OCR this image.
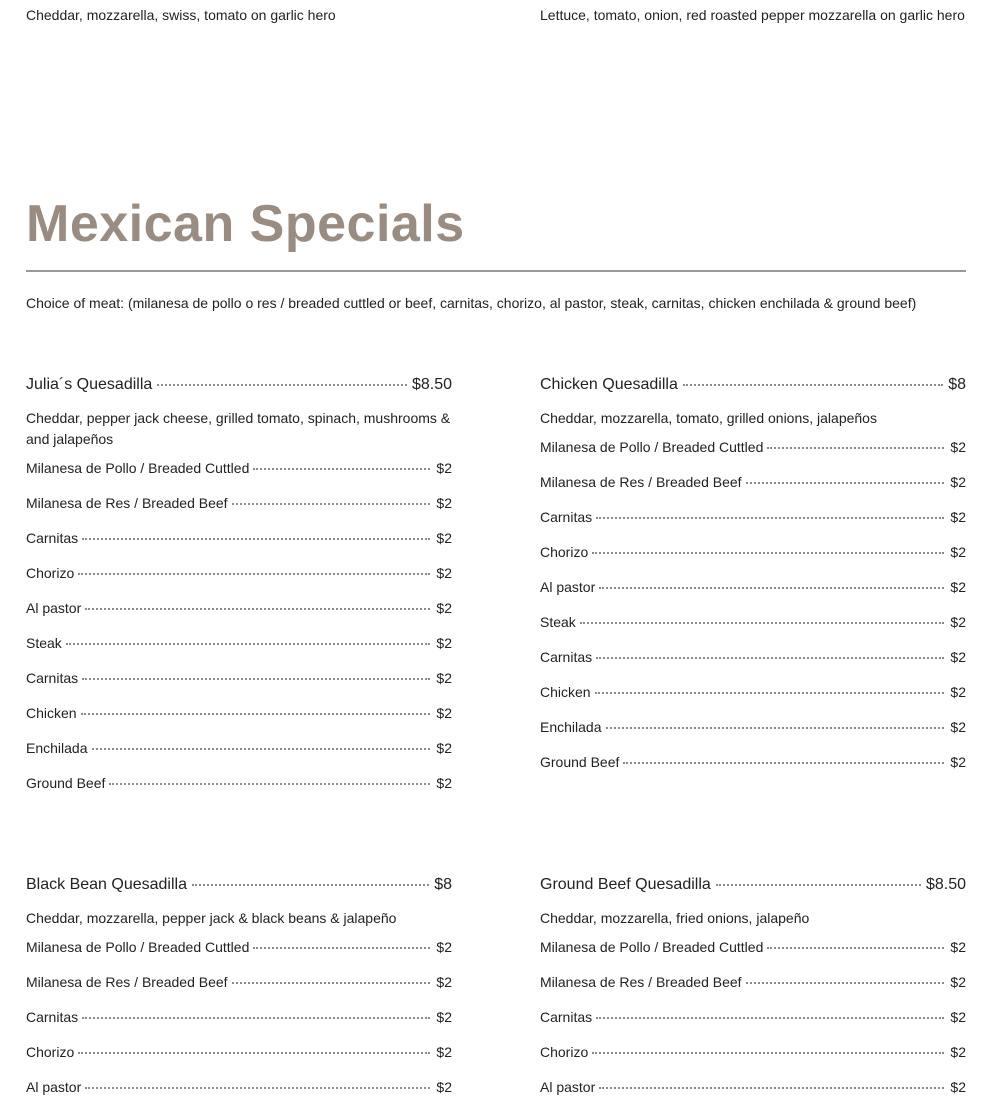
Cheddar, mozzarella, swiss, tomato on garlic hero	Lettuce, tomato, onion, red roasted pepper mozzarella on garlic hero
Mexican Specials
Choice of meat: (milanesa de pollo o res / breaded cuttled or beef, carnitas, chorizo, al pastor, steak, carnitas, chicken enchilada & ground beef)
Julia´s Quesadilla	$8.50
Cheddar, pepper jack cheese, grilled tomato, spinach, mushrooms & and jalapeños
Milanesa de Pollo / Breaded Cuttled	$2
Milanesa de Res / Breaded Beef	$2
Carnitas	$2
Chorizo	$2
Al pastor	$2
Steak	$2
Carnitas	$2
Chicken	$2
Enchilada	$2
Ground Beef	$2
Chicken Quesadilla	$8
Cheddar, mozzarella, tomato, grilled onions, jalapeños
Milanesa de Pollo / Breaded Cuttled	$2
Milanesa de Res / Breaded Beef	$2
Carnitas	$2
Chorizo	$2
Al pastor	$2
Steak	$2
Carnitas	$2
Chicken	$2
Enchilada	$2
Ground Beef	$2
Black Bean Quesadilla	$8
Cheddar, mozzarella, pepper jack & black beans & jalapeño
Milanesa de Pollo / Breaded Cuttled	$2
Milanesa de Res / Breaded Beef	$2
Carnitas	$2
Chorizo	$2
Al pastor	$2
Ground Beef Quesadilla	$8.50
Cheddar, mozzarella, fried onions, jalapeño
Milanesa de Pollo / Breaded Cuttled	$2
Milanesa de Res / Breaded Beef	$2
Carnitas	$2
Chorizo	$2
Al pastor	$2
